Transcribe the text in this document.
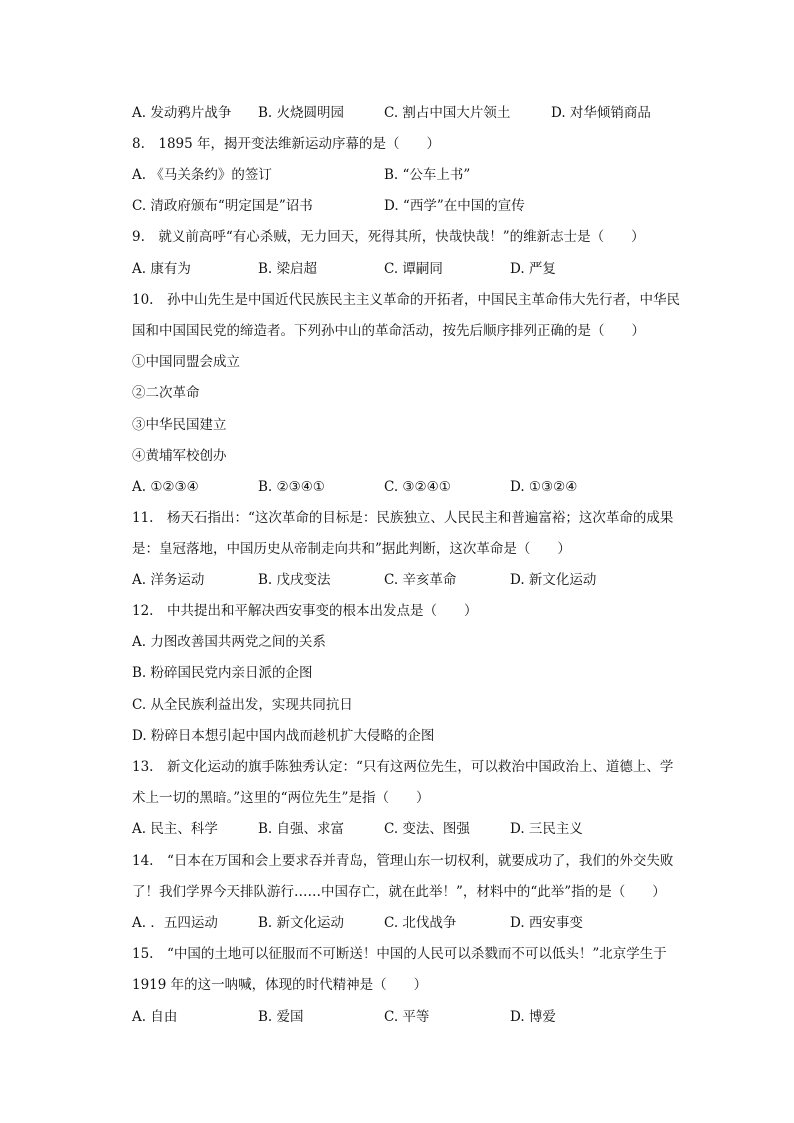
A. 发动鸦片战争 B. 火烧圆明园	C. 割占中国大片领土	D. 对华倾销商品
8.　1895 年，揭开变法维新运动序幕的是（　　）
A. 《马关条约》的签订	B. “公车上书”
C. 清政府颁布“明定国是”诏书	D. “西学”在中国的宣传
9.　就义前高呼“有心杀贼，无力回天，死得其所，快哉快哉！”的维新志士是（　　）
A. 康有为	B. 梁启超	C. 谭嗣同	D. 严复
10.　孙中山先生是中国近代民族民主主义革命的开拓者，中国民主革命伟大先行者，中华民
国和中国国民党的缔造者。下列孙中山的革命活动，按先后顺序排列正确的是（　　）
①中国同盟会成立
②二次革命
③中华民国建立
④黄埔军校创办
A. ①②③④	B. ②③④①	C. ③②④①	D. ①③②④
11.　杨天石指出：“这次革命的目标是：民族独立、人民民主和普遍富裕；这次革命的成果
是：皇冠落地，中国历史从帝制走向共和”据此判断，这次革命是（　　）
A. 洋务运动	B. 戊戌变法	C. 辛亥革命	D. 新文化运动
12.　中共提出和平解决西安事变的根本出发点是（　　）
A. 力图改善国共两党之间的关系
B. 粉碎国民党内亲日派的企图
C. 从全民族利益出发，实现共同抗日
D. 粉碎日本想引起中国内战而趁机扩大侵略的企图
13.　新文化运动的旗手陈独秀认定：“只有这两位先生，可以救治中国政治上、道德上、学
术上一切的黑暗。”这里的“两位先生”是指（　　）
A. 民主、科学	B. 自强、求富	C. 变法、图强	D. 三民主义
14.　“日本在万国和会上要求吞并青岛，管理山东一切权利，就要成功了，我们的外交失败
了！我们学界今天排队游行……中国存亡，就在此举！”，材料中的“此举”指的是（　　）
A. ．五四运动	B. 新文化运动	C. 北伐战争	D. 西安事变
15.　“中国的土地可以征服而不可断送！中国的人民可以杀戮而不可以低头！”北京学生于
1919 年的这一呐喊，体现的时代精神是（　　）
A. 自由	B. 爱国	C. 平等	D. 博爱
